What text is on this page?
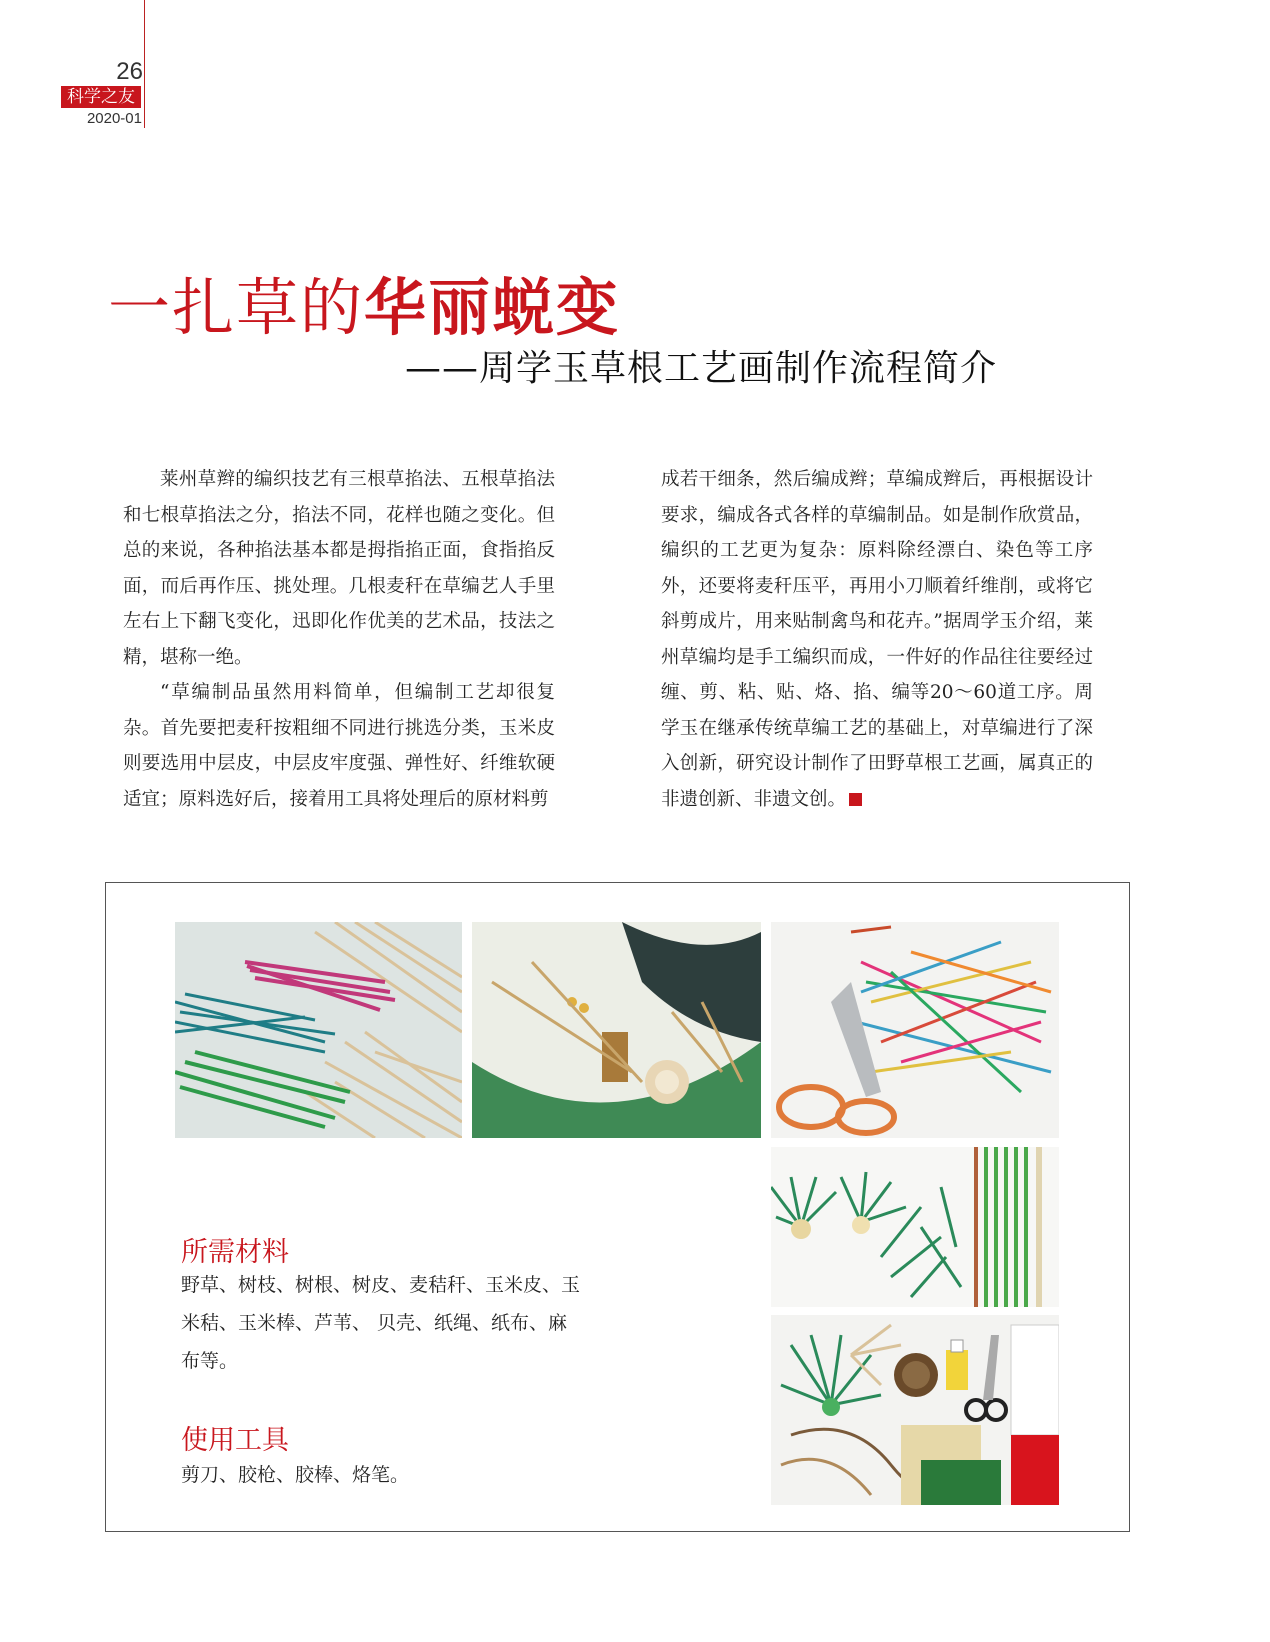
26
科学之友
2020-01
一扎草的华丽蜕变
——周学玉草根工艺画制作流程简介

莱州草辫的编织技艺有三根草掐法、五根草掐法和七根草掐法之分，掐法不同，花样也随之变化。但总的来说，各种掐法基本都是拇指掐正面，食指掐反面，而后再作压、挑处理。几根麦秆在草编艺人手里左右上下翻飞变化，迅即化作优美的艺术品，技法之精，堪称一绝。

“草编制品虽然用料简单，但编制工艺却很复杂。首先要把麦秆按粗细不同进行挑选分类，玉米皮则要选用中层皮，中层皮牢度强、弹性好、纤维软硬适宜；原料选好后，接着用工具将处理后的原材料剪

成若干细条，然后编成辫；草编成辫后，再根据设计要求，编成各式各样的草编制品。如是制作欣赏品，编织的工艺更为复杂：原料除经漂白、染色等工序外，还要将麦秆压平，再用小刀顺着纤维削，或将它斜剪成片，用来贴制禽鸟和花卉。”据周学玉介绍，莱州草编均是手工编织而成，一件好的作品往往要经过缠、剪、粘、贴、烙、掐、编等20～60道工序。周学玉在继承传统草编工艺的基础上，对草编进行了深入创新，研究设计制作了田野草根工艺画，属真正的非遗创新、非遗文创。

所需材料
野草、树枝、树根、树皮、麦秸秆、玉米皮、玉米秸、玉米棒、芦苇、 贝壳、纸绳、纸布、麻布等。
使用工具
剪刀、胶枪、胶棒、烙笔。
